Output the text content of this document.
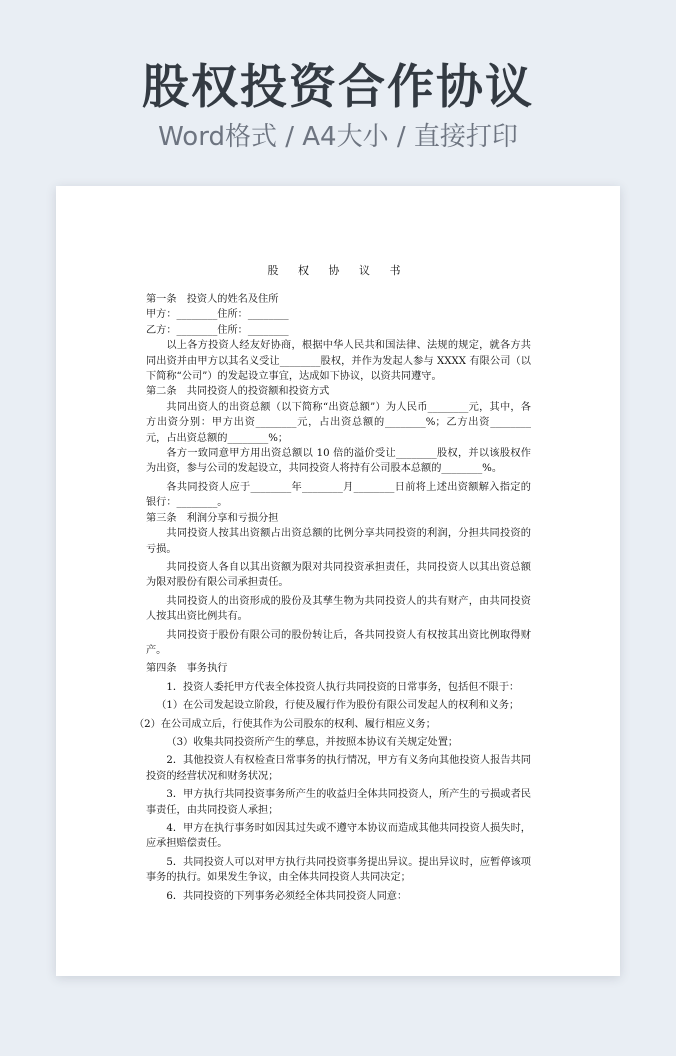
股权投资合作协议
Word格式 / A4大小 / 直接打印
股 权 协 议 书

第一条　投资人的姓名及住所

甲方：________住所：________

乙方：________住所：________

以上各方投资人经友好协商，根据中华人民共和国法律、法规的规定，就各方共同出资并由甲方以其名义受让________股权，并作为发起人参与 XXXX 有限公司（以下简称“公司”）的发起设立事宜，达成如下协议，以资共同遵守。

第二条　共同投资人的投资额和投资方式

共同出资人的出资总额（以下简称“出资总额”）为人民币________元，其中，各方出资分别：甲方出资________元，占出资总额的________%；乙方出资________元，占出资总额的________%；

各方一致同意甲方用出资总额以 10 倍的溢价受让________股权，并以该股权作为出资，参与公司的发起设立，共同投资人将持有公司股本总额的________%。

各共同投资人应于________年________月________日前将上述出资额解入指定的银行：________。

第三条　利润分享和亏损分担

共同投资人按其出资额占出资总额的比例分享共同投资的利润，分担共同投资的亏损。

共同投资人各自以其出资额为限对共同投资承担责任，共同投资人以其出资总额为限对股份有限公司承担责任。

共同投资人的出资形成的股份及其孳生物为共同投资人的共有财产，由共同投资人按其出资比例共有。

共同投资于股份有限公司的股份转让后，各共同投资人有权按其出资比例取得财产。

第四条　事务执行

1．投资人委托甲方代表全体投资人执行共同投资的日常事务，包括但不限于：

（1）在公司发起设立阶段，行使及履行作为股份有限公司发起人的权利和义务；

（2）在公司成立后，行使其作为公司股东的权利、履行相应义务；

（3）收集共同投资所产生的孳息，并按照本协议有关规定处置；

2．其他投资人有权检查日常事务的执行情况，甲方有义务向其他投资人报告共同投资的经营状况和财务状况；

3．甲方执行共同投资事务所产生的收益归全体共同投资人，所产生的亏损或者民事责任，由共同投资人承担；

4．甲方在执行事务时如因其过失或不遵守本协议而造成其他共同投资人损失时，应承担赔偿责任。

5．共同投资人可以对甲方执行共同投资事务提出异议。提出异议时，应暂停该项事务的执行。如果发生争议，由全体共同投资人共同决定；

6．共同投资的下列事务必须经全体共同投资人同意：
